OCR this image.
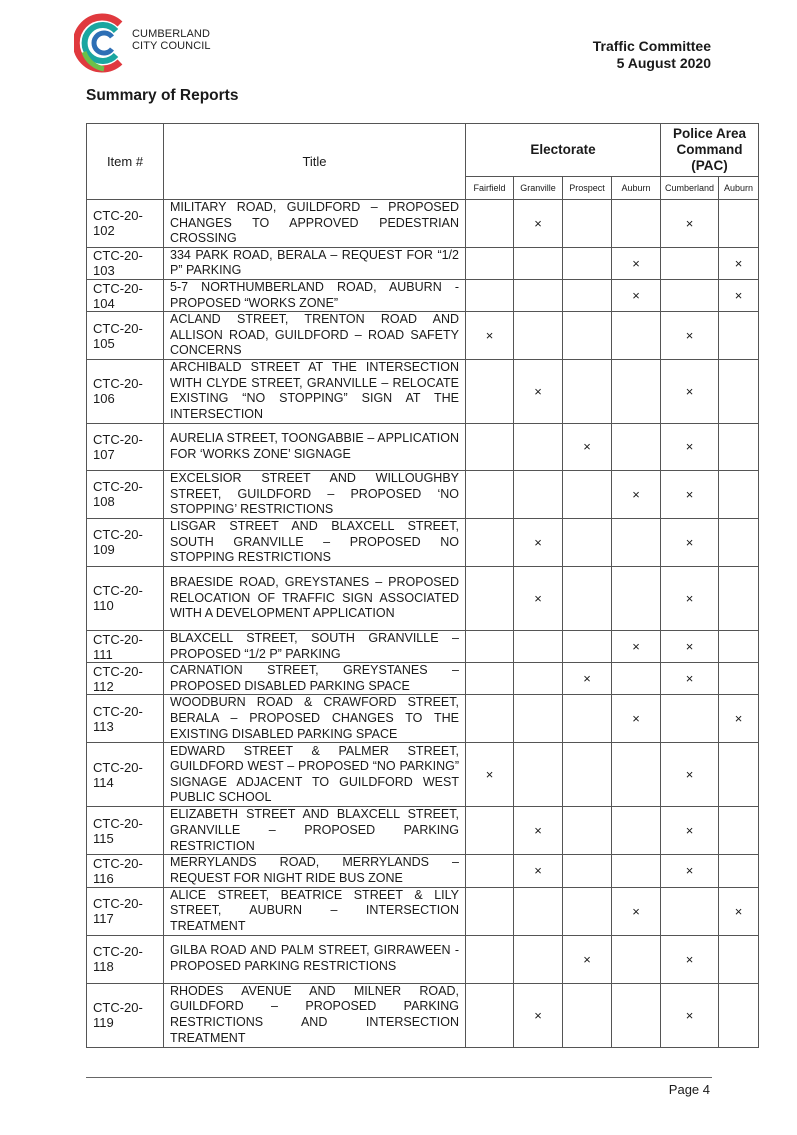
CUMBERLAND
CITY COUNCIL	Traffic Committee
5 August 2020
Summary of Reports
Item #	Title	Electorate				Police Area Command (PAC)	
		Fairfield	Granville	Prospect	Auburn	Cumberland	Auburn
CTC-20-102	MILITARY ROAD, GUILDFORD – PROPOSED CHANGES TO APPROVED PEDESTRIAN CROSSING		×			×	
CTC-20-103	334 PARK ROAD, BERALA – REQUEST FOR “1/2 P” PARKING				×		×
CTC-20-104	5-7 NORTHUMBERLAND ROAD, AUBURN - PROPOSED “WORKS ZONE”				×		×
CTC-20-105	ACLAND STREET, TRENTON ROAD AND ALLISON ROAD, GUILDFORD – ROAD SAFETY CONCERNS	×				×	
CTC-20-106	ARCHIBALD STREET AT THE INTERSECTION WITH CLYDE STREET, GRANVILLE – RELOCATE EXISTING “NO STOPPING” SIGN AT THE INTERSECTION		×			×	
CTC-20-107	AURELIA STREET, TOONGABBIE – APPLICATION FOR ‘WORKS ZONE’ SIGNAGE			×		×	
CTC-20-108	EXCELSIOR STREET AND WILLOUGHBY STREET, GUILDFORD – PROPOSED ‘NO STOPPING’ RESTRICTIONS				×	×	
CTC-20-109	LISGAR STREET AND BLAXCELL STREET, SOUTH GRANVILLE – PROPOSED NO STOPPING RESTRICTIONS		×			×	
CTC-20-110	BRAESIDE ROAD, GREYSTANES – PROPOSED RELOCATION OF TRAFFIC SIGN ASSOCIATED WITH A DEVELOPMENT APPLICATION		×			×	
CTC-20-111	BLAXCELL STREET, SOUTH GRANVILLE – PROPOSED “1/2 P” PARKING				×	×	
CTC-20-112	CARNATION STREET, GREYSTANES – PROPOSED DISABLED PARKING SPACE			×		×	
CTC-20-113	WOODBURN ROAD & CRAWFORD STREET, BERALA – PROPOSED CHANGES TO THE EXISTING DISABLED PARKING SPACE				×		×
CTC-20-114	EDWARD STREET & PALMER STREET, GUILDFORD WEST – PROPOSED “NO PARKING” SIGNAGE ADJACENT TO GUILDFORD WEST PUBLIC SCHOOL	×				×	
CTC-20-115	ELIZABETH STREET AND BLAXCELL STREET, GRANVILLE – PROPOSED PARKING RESTRICTION		×			×	
CTC-20-116	MERRYLANDS ROAD, MERRYLANDS – REQUEST FOR NIGHT RIDE BUS ZONE		×			×	
CTC-20-117	ALICE STREET, BEATRICE STREET & LILY STREET, AUBURN – INTERSECTION TREATMENT				×		×
CTC-20-118	GILBA ROAD AND PALM STREET, GIRRAWEEN - PROPOSED PARKING RESTRICTIONS			×		×	
CTC-20-119	RHODES AVENUE AND MILNER ROAD, GUILDFORD – PROPOSED PARKING RESTRICTIONS AND INTERSECTION TREATMENT		×			×	
Page 4
